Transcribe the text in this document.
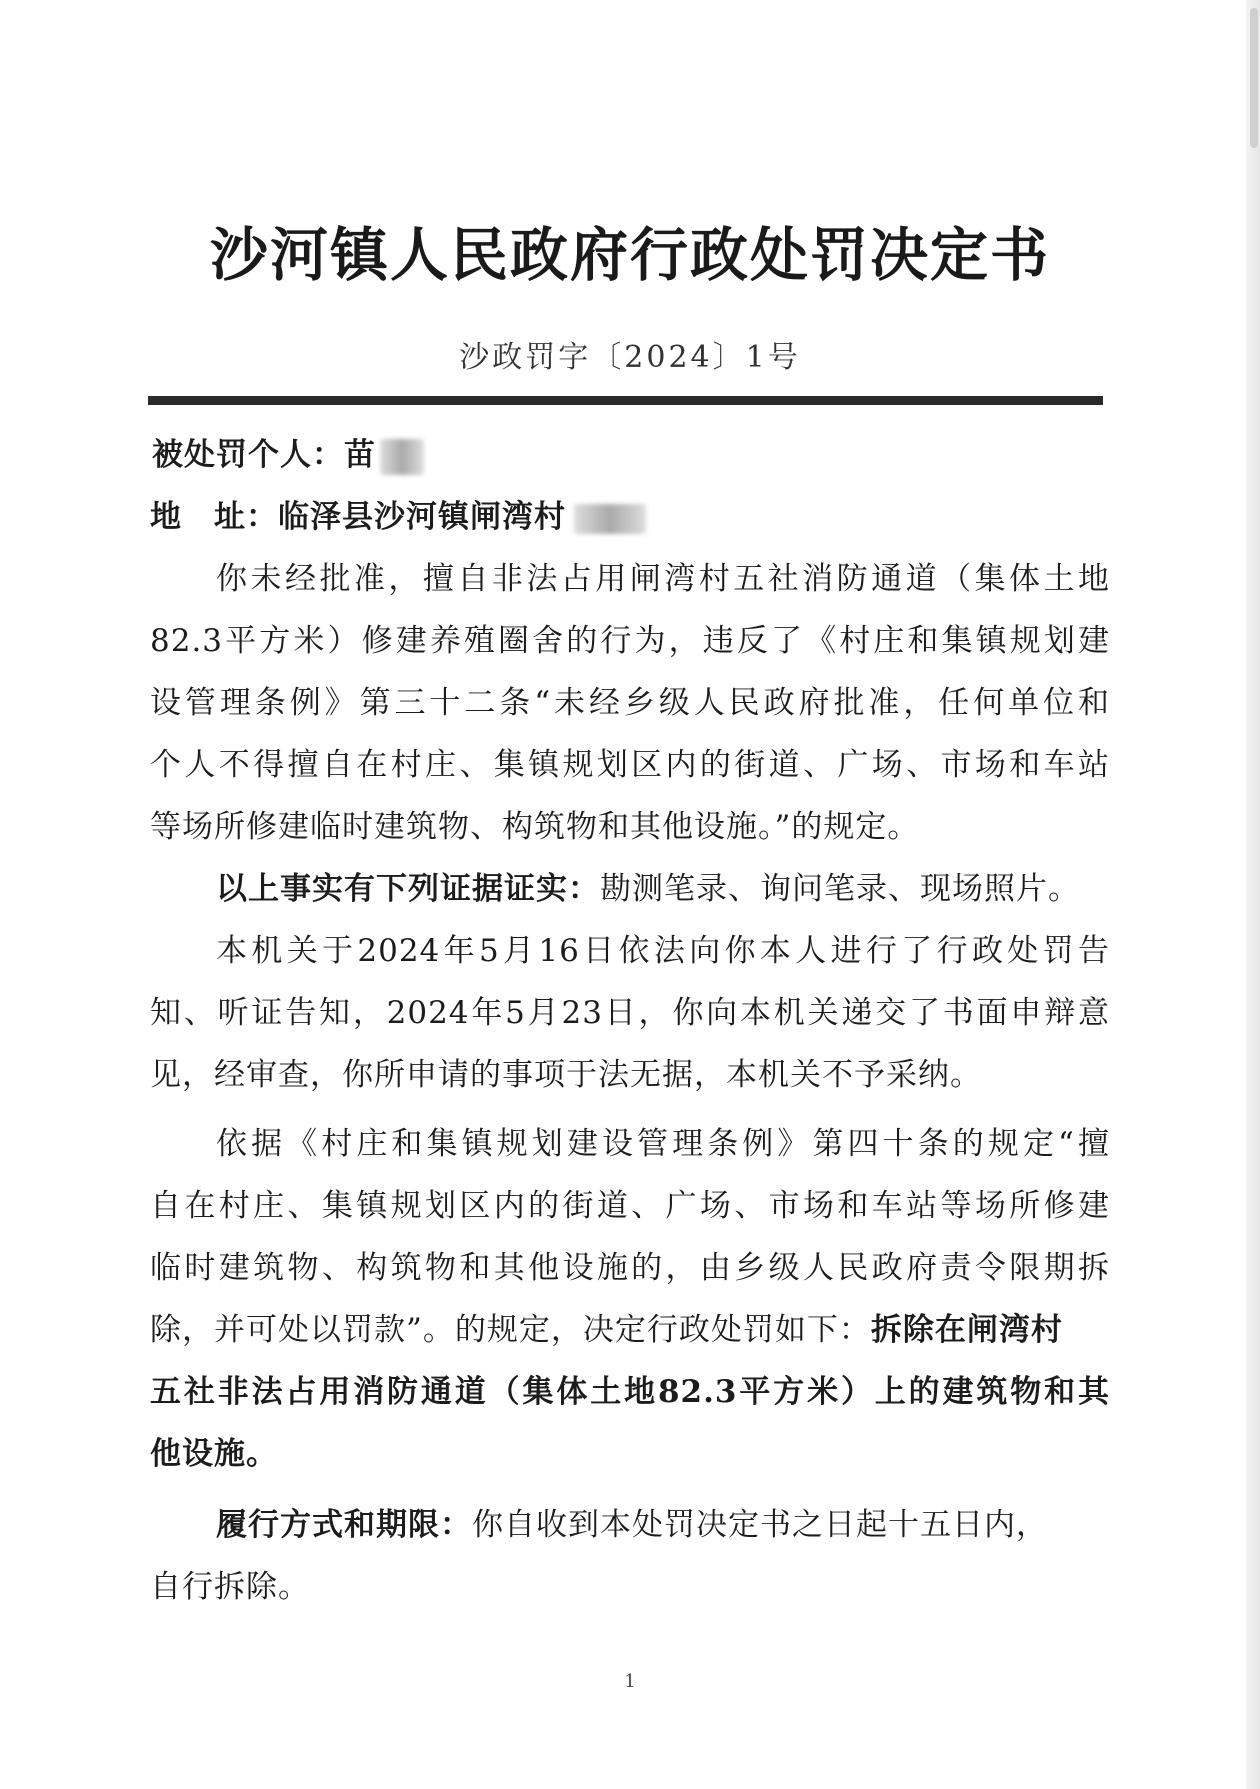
沙河镇人民政府行政处罚决定书
沙政罚字〔2024〕1号
被处罚个人：苗
地　址：临泽县沙河镇闸湾村
你未经批准，擅自非法占用闸湾村五社消防通道（集体土地
82.3平方米）修建养殖圈舍的行为，违反了《村庄和集镇规划建
设管理条例》第三十二条“未经乡级人民政府批准，任何单位和
个人不得擅自在村庄、集镇规划区内的街道、广场、市场和车站
等场所修建临时建筑物、构筑物和其他设施。”的规定。
以上事实有下列证据证实：勘测笔录、询问笔录、现场照片。
本机关于2024年5月16日依法向你本人进行了行政处罚告
知、听证告知，2024年5月23日，你向本机关递交了书面申辩意
见，经审查，你所申请的事项于法无据，本机关不予采纳。
依据《村庄和集镇规划建设管理条例》第四十条的规定“擅
自在村庄、集镇规划区内的街道、广场、市场和车站等场所修建
临时建筑物、构筑物和其他设施的，由乡级人民政府责令限期拆
除，并可处以罚款”。的规定，决定行政处罚如下：拆除在闸湾村
五社非法占用消防通道（集体土地82.3平方米）上的建筑物和其
他设施。
履行方式和期限：你自收到本处罚决定书之日起十五日内，
自行拆除。
1
